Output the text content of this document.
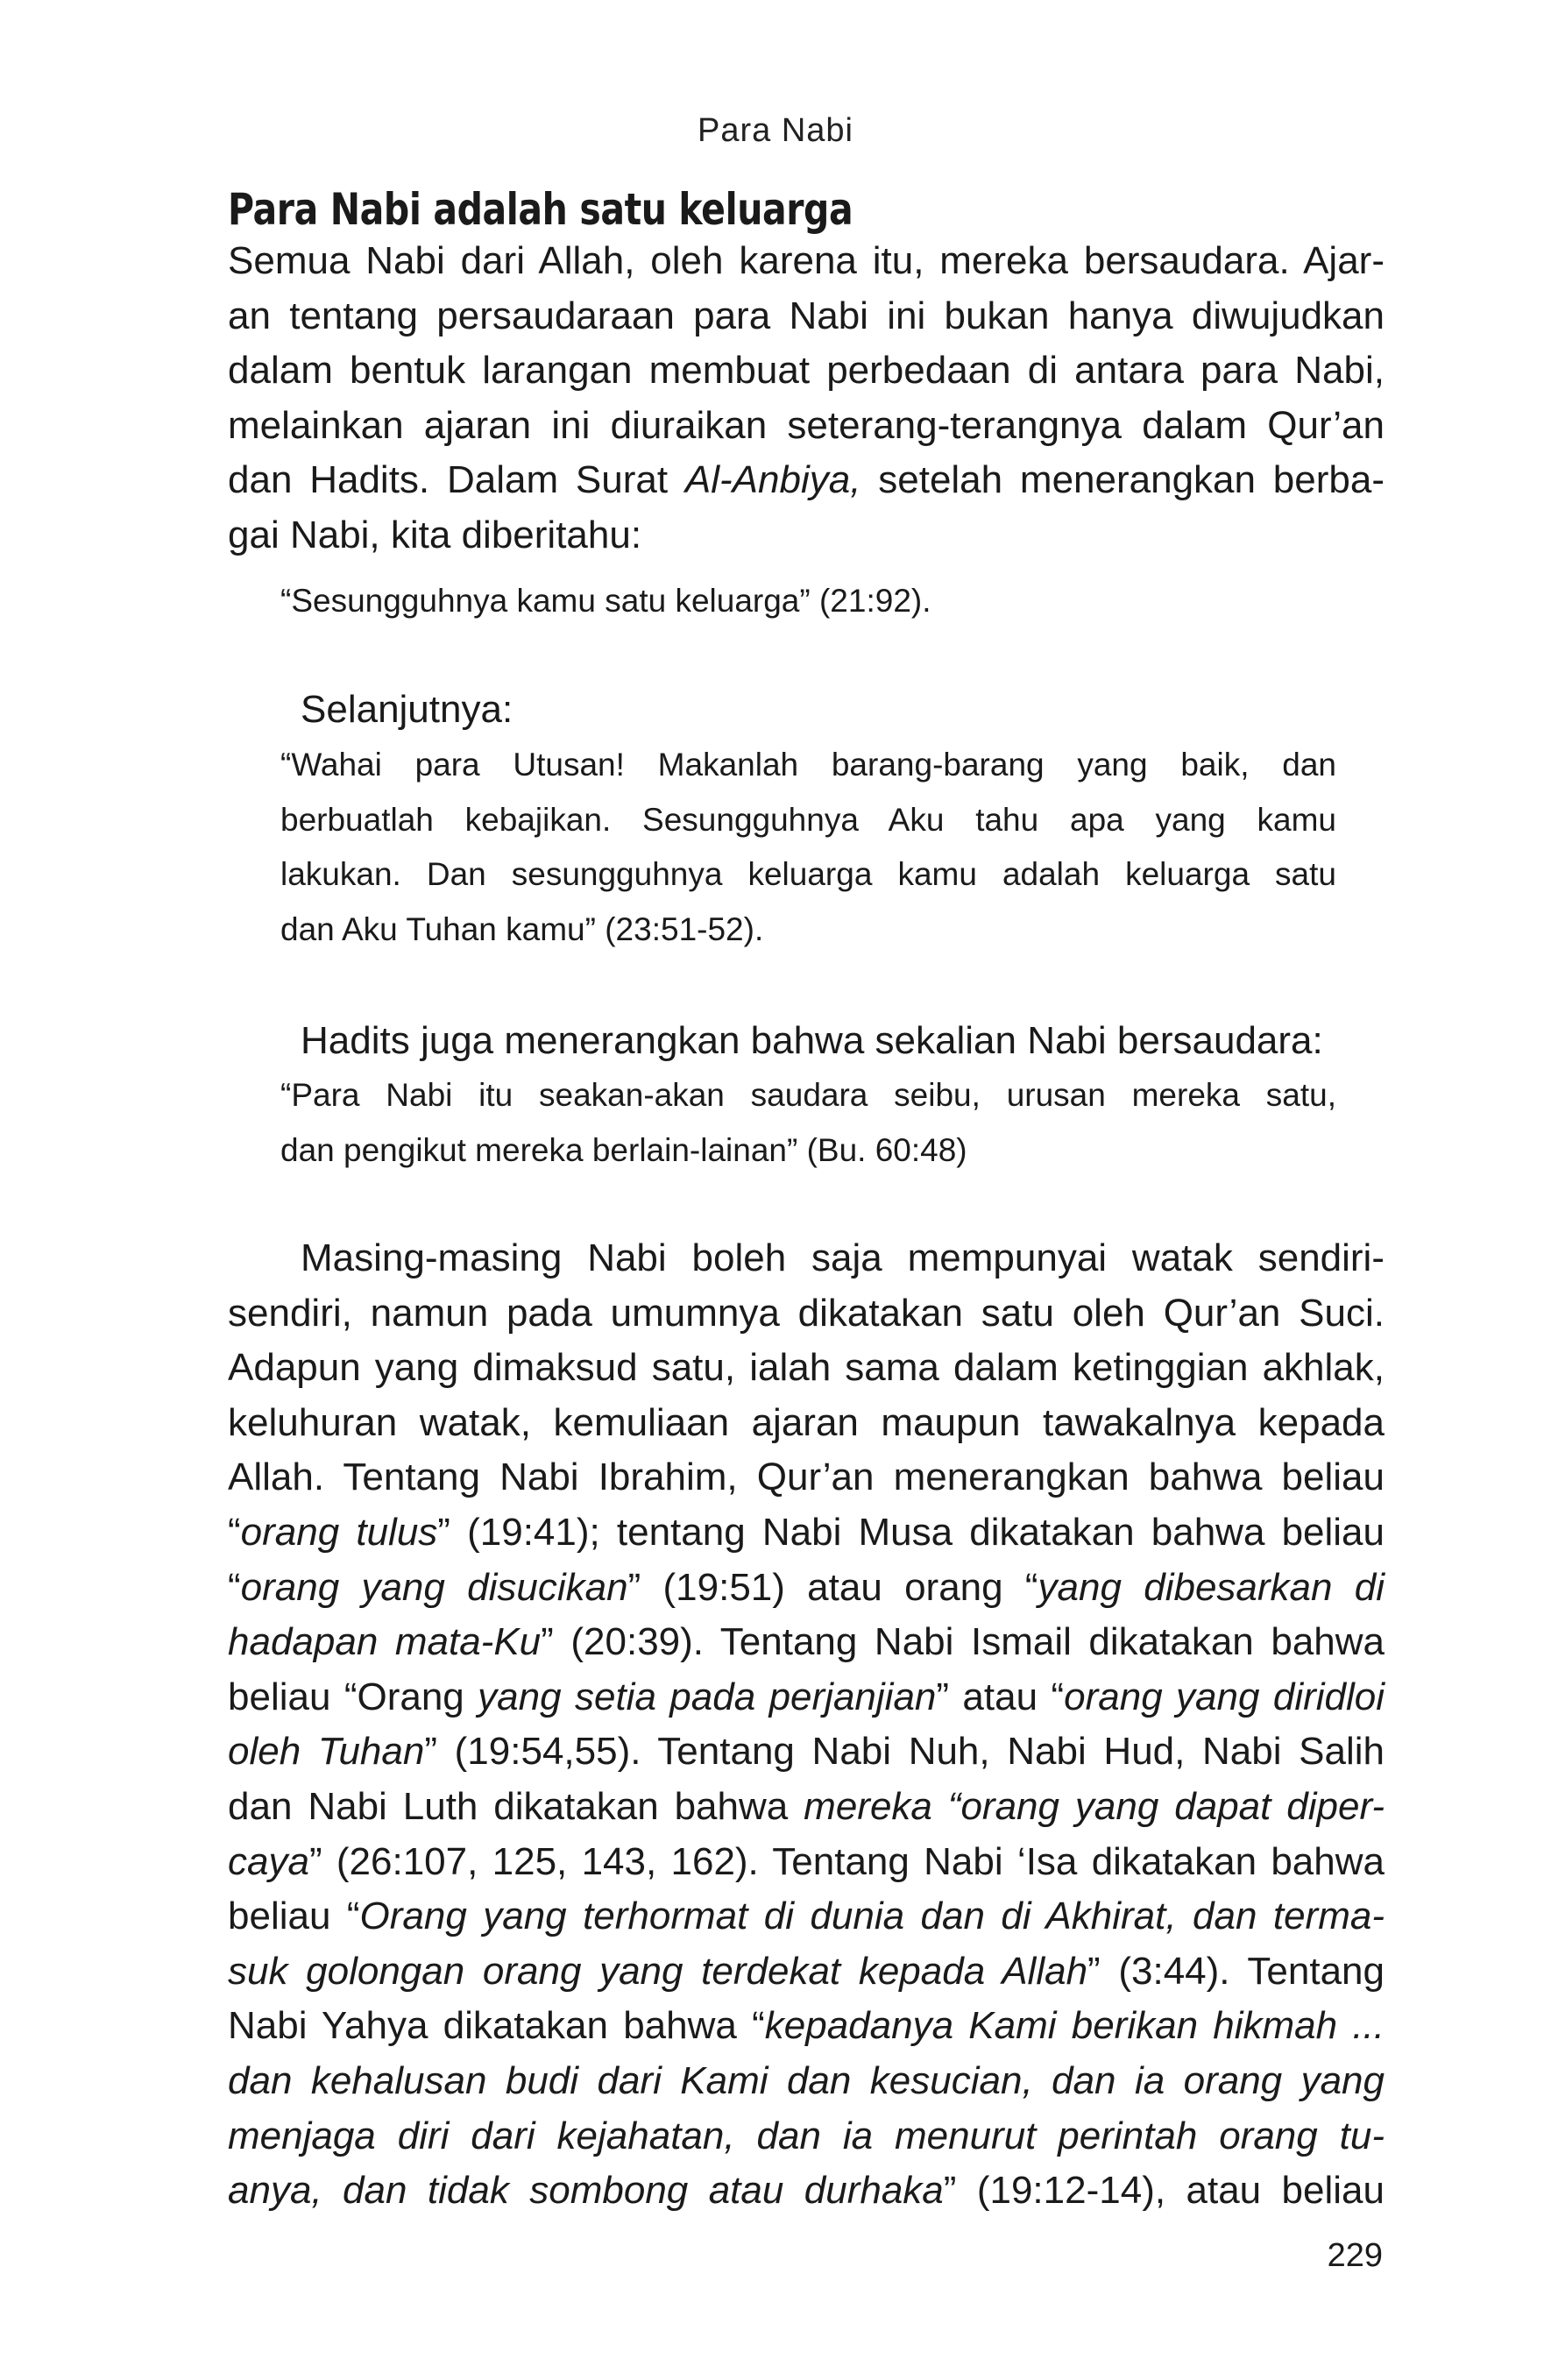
Para Nabi
Para Nabi adalah satu keluarga
Semua Nabi dari Allah, oleh karena itu, mereka bersaudara. Ajar-
an tentang persaudaraan para Nabi ini bukan hanya diwujudkan
dalam bentuk larangan membuat perbedaan di antara para Nabi,
melainkan ajaran ini diuraikan seterang-terangnya dalam Qur’an
dan Hadits. Dalam Surat Al-Anbiya, setelah menerangkan berba-
gai Nabi, kita diberitahu:
“Sesungguhnya kamu satu keluarga” (21:92).
Selanjutnya:
“Wahai para Utusan! Makanlah barang-barang yang baik, dan
berbuatlah kebajikan. Sesungguhnya Aku tahu apa yang kamu
lakukan. Dan sesungguhnya keluarga kamu adalah keluarga satu
dan Aku Tuhan kamu” (23:51-52).
Hadits juga menerangkan bahwa sekalian Nabi bersaudara:
“Para Nabi itu seakan-akan saudara seibu, urusan mereka satu,
dan pengikut mereka berlain-lainan” (Bu. 60:48)
Masing-masing Nabi boleh saja mempunyai watak sendiri-
sendiri, namun pada umumnya dikatakan satu oleh Qur’an Suci.
Adapun yang dimaksud satu, ialah sama dalam ketinggian akhlak,
keluhuran watak, kemuliaan ajaran maupun tawakalnya kepada
Allah. Tentang Nabi Ibrahim, Qur’an menerangkan bahwa beliau
“orang tulus” (19:41); tentang Nabi Musa dikatakan bahwa beliau
“orang yang disucikan” (19:51) atau orang “yang dibesarkan di
hadapan mata-Ku” (20:39). Tentang Nabi Ismail dikatakan bahwa
beliau “Orang yang setia pada perjanjian” atau “orang yang diridloi
oleh Tuhan” (19:54,55). Tentang Nabi Nuh, Nabi Hud, Nabi Salih
dan Nabi Luth dikatakan bahwa mereka “orang yang dapat diper-
caya” (26:107, 125, 143, 162). Tentang Nabi ‘Isa dikatakan bahwa
beliau “Orang yang terhormat di dunia dan di Akhirat, dan terma-
suk golongan orang yang terdekat kepada Allah” (3:44). Tentang
Nabi Yahya dikatakan bahwa “kepadanya Kami berikan hikmah ...
dan kehalusan budi dari Kami dan kesucian, dan ia orang yang
menjaga diri dari kejahatan, dan ia menurut perintah orang tu-
anya, dan tidak sombong atau durhaka” (19:12-14), atau beliau
229
